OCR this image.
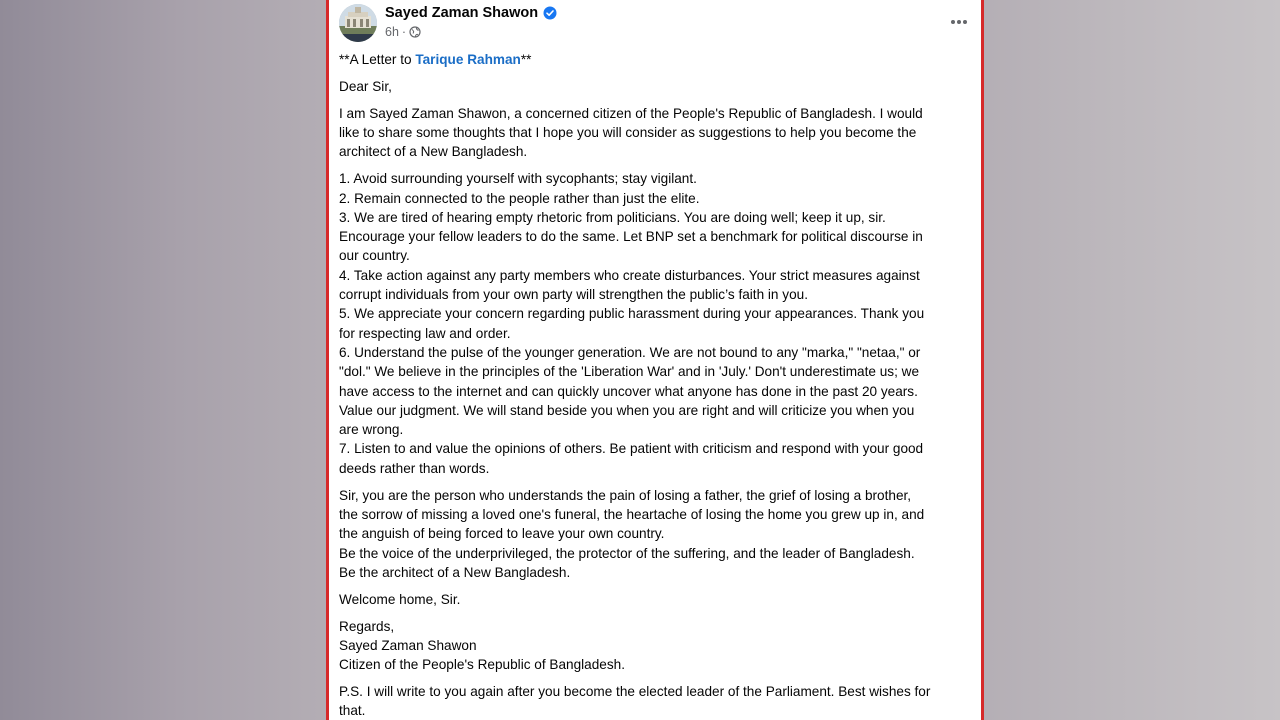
Sayed Zaman Shawon
6h ·

**A Letter to Tarique Rahman**

Dear Sir,

I am Sayed Zaman Shawon, a concerned citizen of the People's Republic of Bangladesh. I would
like to share some thoughts that I hope you will consider as suggestions to help you become the
architect of a New Bangladesh.

1. Avoid surrounding yourself with sycophants; stay vigilant.
2. Remain connected to the people rather than just the elite.
3. We are tired of hearing empty rhetoric from politicians. You are doing well; keep it up, sir.
Encourage your fellow leaders to do the same. Let BNP set a benchmark for political discourse in
our country.
4. Take action against any party members who create disturbances. Your strict measures against
corrupt individuals from your own party will strengthen the public’s faith in you.
5. We appreciate your concern regarding public harassment during your appearances. Thank you
for respecting law and order.
6. Understand the pulse of the younger generation. We are not bound to any "marka," "netaa," or
"dol." We believe in the principles of the 'Liberation War' and in 'July.' Don't underestimate us; we
have access to the internet and can quickly uncover what anyone has done in the past 20 years.
Value our judgment. We will stand beside you when you are right and will criticize you when you
are wrong.
7. Listen to and value the opinions of others. Be patient with criticism and respond with your good
deeds rather than words.

Sir, you are the person who understands the pain of losing a father, the grief of losing a brother,
the sorrow of missing a loved one's funeral, the heartache of losing the home you grew up in, and
the anguish of being forced to leave your own country.
Be the voice of the underprivileged, the protector of the suffering, and the leader of Bangladesh.
Be the architect of a New Bangladesh.

Welcome home, Sir.

Regards,
Sayed Zaman Shawon
Citizen of the People's Republic of Bangladesh.

P.S. I will write to you again after you become the elected leader of the Parliament. Best wishes for
that.
